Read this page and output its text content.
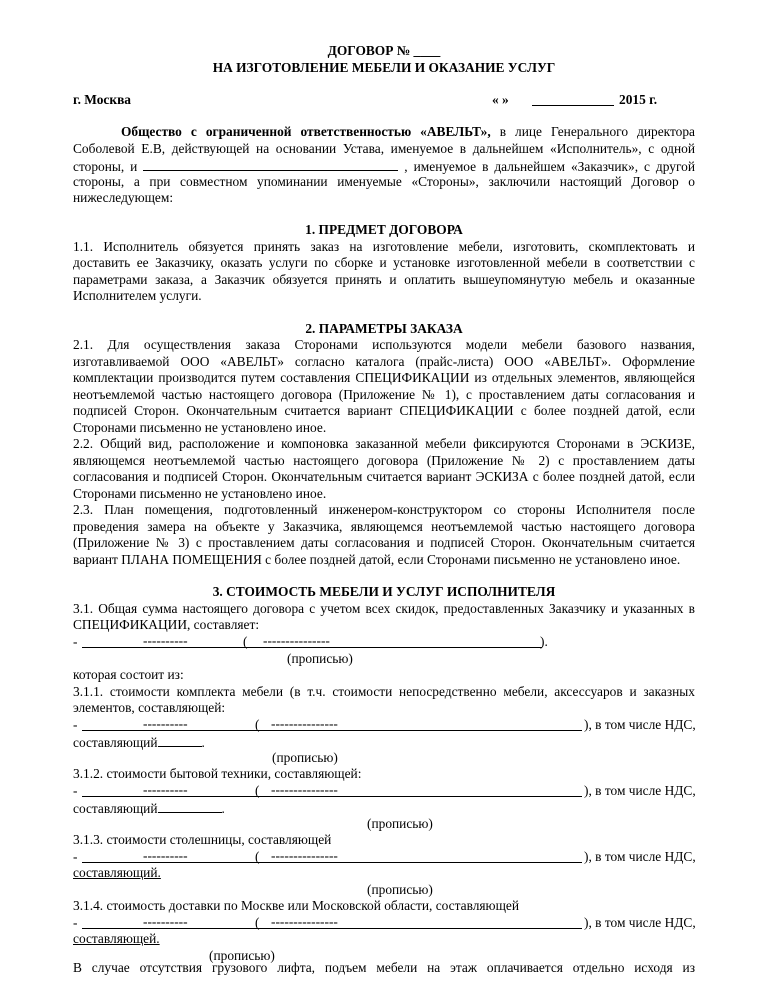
ДОГОВОР № ____
НА ИЗГОТОВЛЕНИЕ МЕБЕЛИ И ОКАЗАНИЕ УСЛУГ
г. Москва	« »	2015 г.
Общество с ограниченной ответственностью «АВЕЛЬТ», в лице Генерального директора
Соболевой Е.В, действующей на основании Устава, именуемое в дальнейшем «Исполнитель», с одной
стороны, и	, именуемое в дальнейшем «Заказчик», с другой
стороны, а при совместном упоминании именуемые «Стороны», заключили настоящий Договор о
нижеследующем:
1. ПРЕДМЕТ ДОГОВОРА
1.1. Исполнитель обязуется принять заказ на изготовление мебели, изготовить, скомплектовать и
доставить ее Заказчику, оказать услуги по сборке и установке изготовленной мебели в соответствии с
параметрами заказа, а Заказчик обязуется принять и оплатить вышеупомянутую мебель и оказанные
Исполнителем услуги.
2. ПАРАМЕТРЫ ЗАКАЗА
2.1. Для осуществления заказа Сторонами используются модели мебели базового названия,
изготавливаемой ООО «АВЕЛЬТ» согласно каталога (прайс-листа) ООО «АВЕЛЬТ». Оформление
комплектации производится путем составления СПЕЦИФИКАЦИИ из отдельных элементов, являющейся
неотъемлемой частью настоящего договора (Приложение № 1), с проставлением даты согласования и
подписей Сторон. Окончательным считается вариант СПЕЦИФИКАЦИИ с более поздней датой, если
Сторонами письменно не установлено иное.
2.2. Общий вид, расположение и компоновка заказанной мебели фиксируются Сторонами в ЭСКИЗЕ,
являющемся неотъемлемой частью настоящего договора (Приложение № 2) с проставлением даты
согласования и подписей Сторон. Окончательным считается вариант ЭСКИЗА с более поздней датой, если
Сторонами письменно не установлено иное.
2.3. План помещения, подготовленный инженером-конструктором со стороны Исполнителя после
проведения замера на объекте у Заказчика, являющемся неотъемлемой частью настоящего договора
(Приложение № 3) с проставлением даты согласования и подписей Сторон. Окончательным считается
вариант ПЛАНА ПОМЕЩЕНИЯ с более поздней датой, если Сторонами письменно не установлено иное.
3. СТОИМОСТЬ МЕБЕЛИ И УСЛУГ ИСПОЛНИТЕЛЯ
3.1. Общая сумма настоящего договора с учетом всех скидок, предоставленных Заказчику и указанных в
СПЕЦИФИКАЦИИ, составляет:
-	----------	( ---------------	).
(прописью)
которая состоит из:
3.1.1. стоимости комплекта мебели (в т.ч. стоимости непосредственно мебели, аксессуаров и заказных
элементов, составляющей:
-	----------	( ---------------	), в том числе НДС,
составляющий	.
(прописью)
3.1.2. стоимости бытовой техники, составляющей:
-	----------	( ---------------	), в том числе НДС,
составляющий	.
(прописью)
3.1.3. стоимости столешницы, составляющей
-	----------	( ---------------	), в том числе НДС,
составляющий.
(прописью)
3.1.4. стоимость доставки по Москве или Московской области, составляющей
-	----------	( ---------------	), в том числе НДС,
составляющей.
(прописью)
В случае отсутствия грузового лифта, подъем мебели на этаж оплачивается отдельно исходя из
